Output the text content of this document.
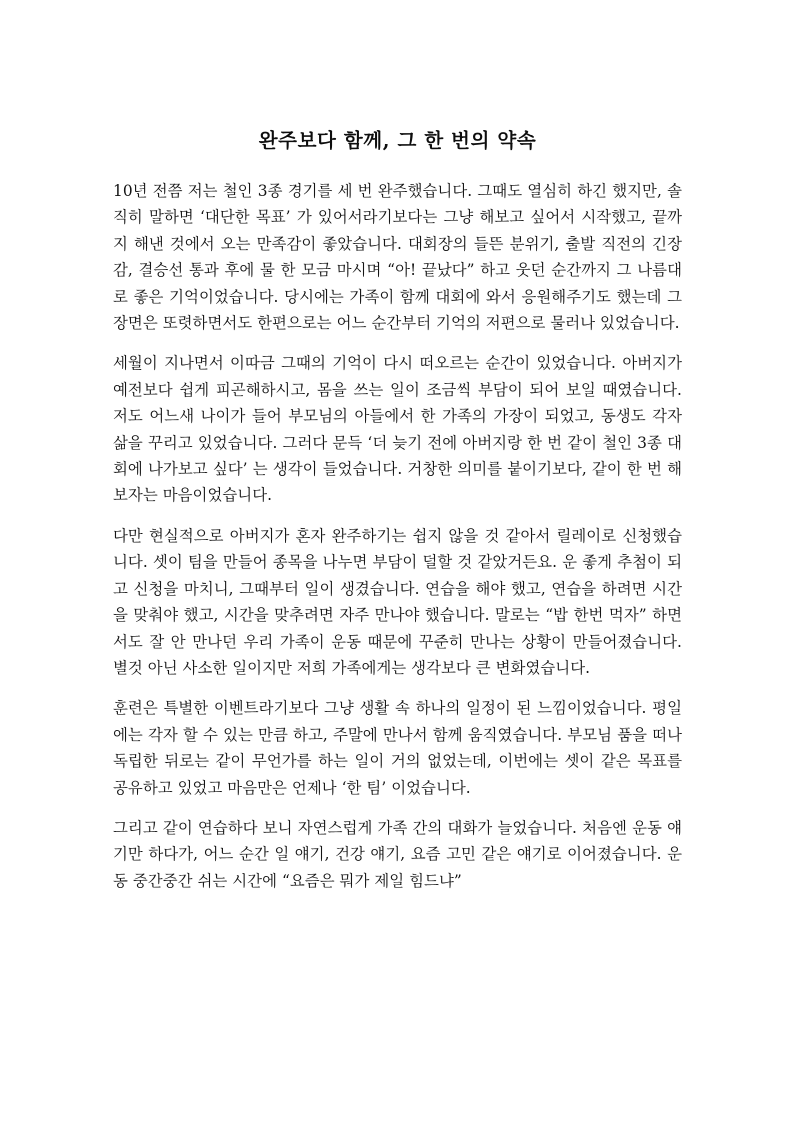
완주보다 함께, 그 한 번의 약속

10년 전쯤 저는 철인 3종 경기를 세 번 완주했습니다. 그때도 열심히 하긴 했지만, 솔직히 말하면 ‘대단한 목표’ 가 있어서라기보다는 그냥 해보고 싶어서 시작했고, 끝까지 해낸 것에서 오는 만족감이 좋았습니다. 대회장의 들뜬 분위기, 출발 직전의 긴장감, 결승선 통과 후에 물 한 모금 마시며 “아! 끝났다” 하고 웃던 순간까지 그 나름대로 좋은 기억이었습니다. 당시에는 가족이 함께 대회에 와서 응원해주기도 했는데 그 장면은 또렷하면서도 한편으로는 어느 순간부터 기억의 저편으로 물러나 있었습니다.

세월이 지나면서 이따금 그때의 기억이 다시 떠오르는 순간이 있었습니다. 아버지가 예전보다 쉽게 피곤해하시고, 몸을 쓰는 일이 조금씩 부담이 되어 보일 때였습니다. 저도 어느새 나이가 들어 부모님의 아들에서 한 가족의 가장이 되었고, 동생도 각자 삶을 꾸리고 있었습니다. 그러다 문득 ‘더 늦기 전에 아버지랑 한 번 같이 철인 3종 대회에 나가보고 싶다’ 는 생각이 들었습니다. 거창한 의미를 붙이기보다, 같이 한 번 해보자는 마음이었습니다.

다만 현실적으로 아버지가 혼자 완주하기는 쉽지 않을 것 같아서 릴레이로 신청했습니다. 셋이 팀을 만들어 종목을 나누면 부담이 덜할 것 같았거든요. 운 좋게 추첨이 되고 신청을 마치니, 그때부터 일이 생겼습니다. 연습을 해야 했고, 연습을 하려면 시간을 맞춰야 했고, 시간을 맞추려면 자주 만나야 했습니다. 말로는 “밥 한번 먹자” 하면서도 잘 안 만나던 우리 가족이 운동 때문에 꾸준히 만나는 상황이 만들어졌습니다. 별것 아닌 사소한 일이지만 저희 가족에게는 생각보다 큰 변화였습니다.

훈련은 특별한 이벤트라기보다 그냥 생활 속 하나의 일정이 된 느낌이었습니다. 평일에는 각자 할 수 있는 만큼 하고, 주말에 만나서 함께 움직였습니다. 부모님 품을 떠나 독립한 뒤로는 같이 무언가를 하는 일이 거의 없었는데, 이번에는 셋이 같은 목표를 공유하고 있었고 마음만은 언제나 ‘한 팀’ 이었습니다.

그리고 같이 연습하다 보니 자연스럽게 가족 간의 대화가 늘었습니다. 처음엔 운동 얘기만 하다가, 어느 순간 일 얘기, 건강 얘기, 요즘 고민 같은 얘기로 이어졌습니다. 운동 중간중간 쉬는 시간에 “요즘은 뭐가 제일 힘드냐”
